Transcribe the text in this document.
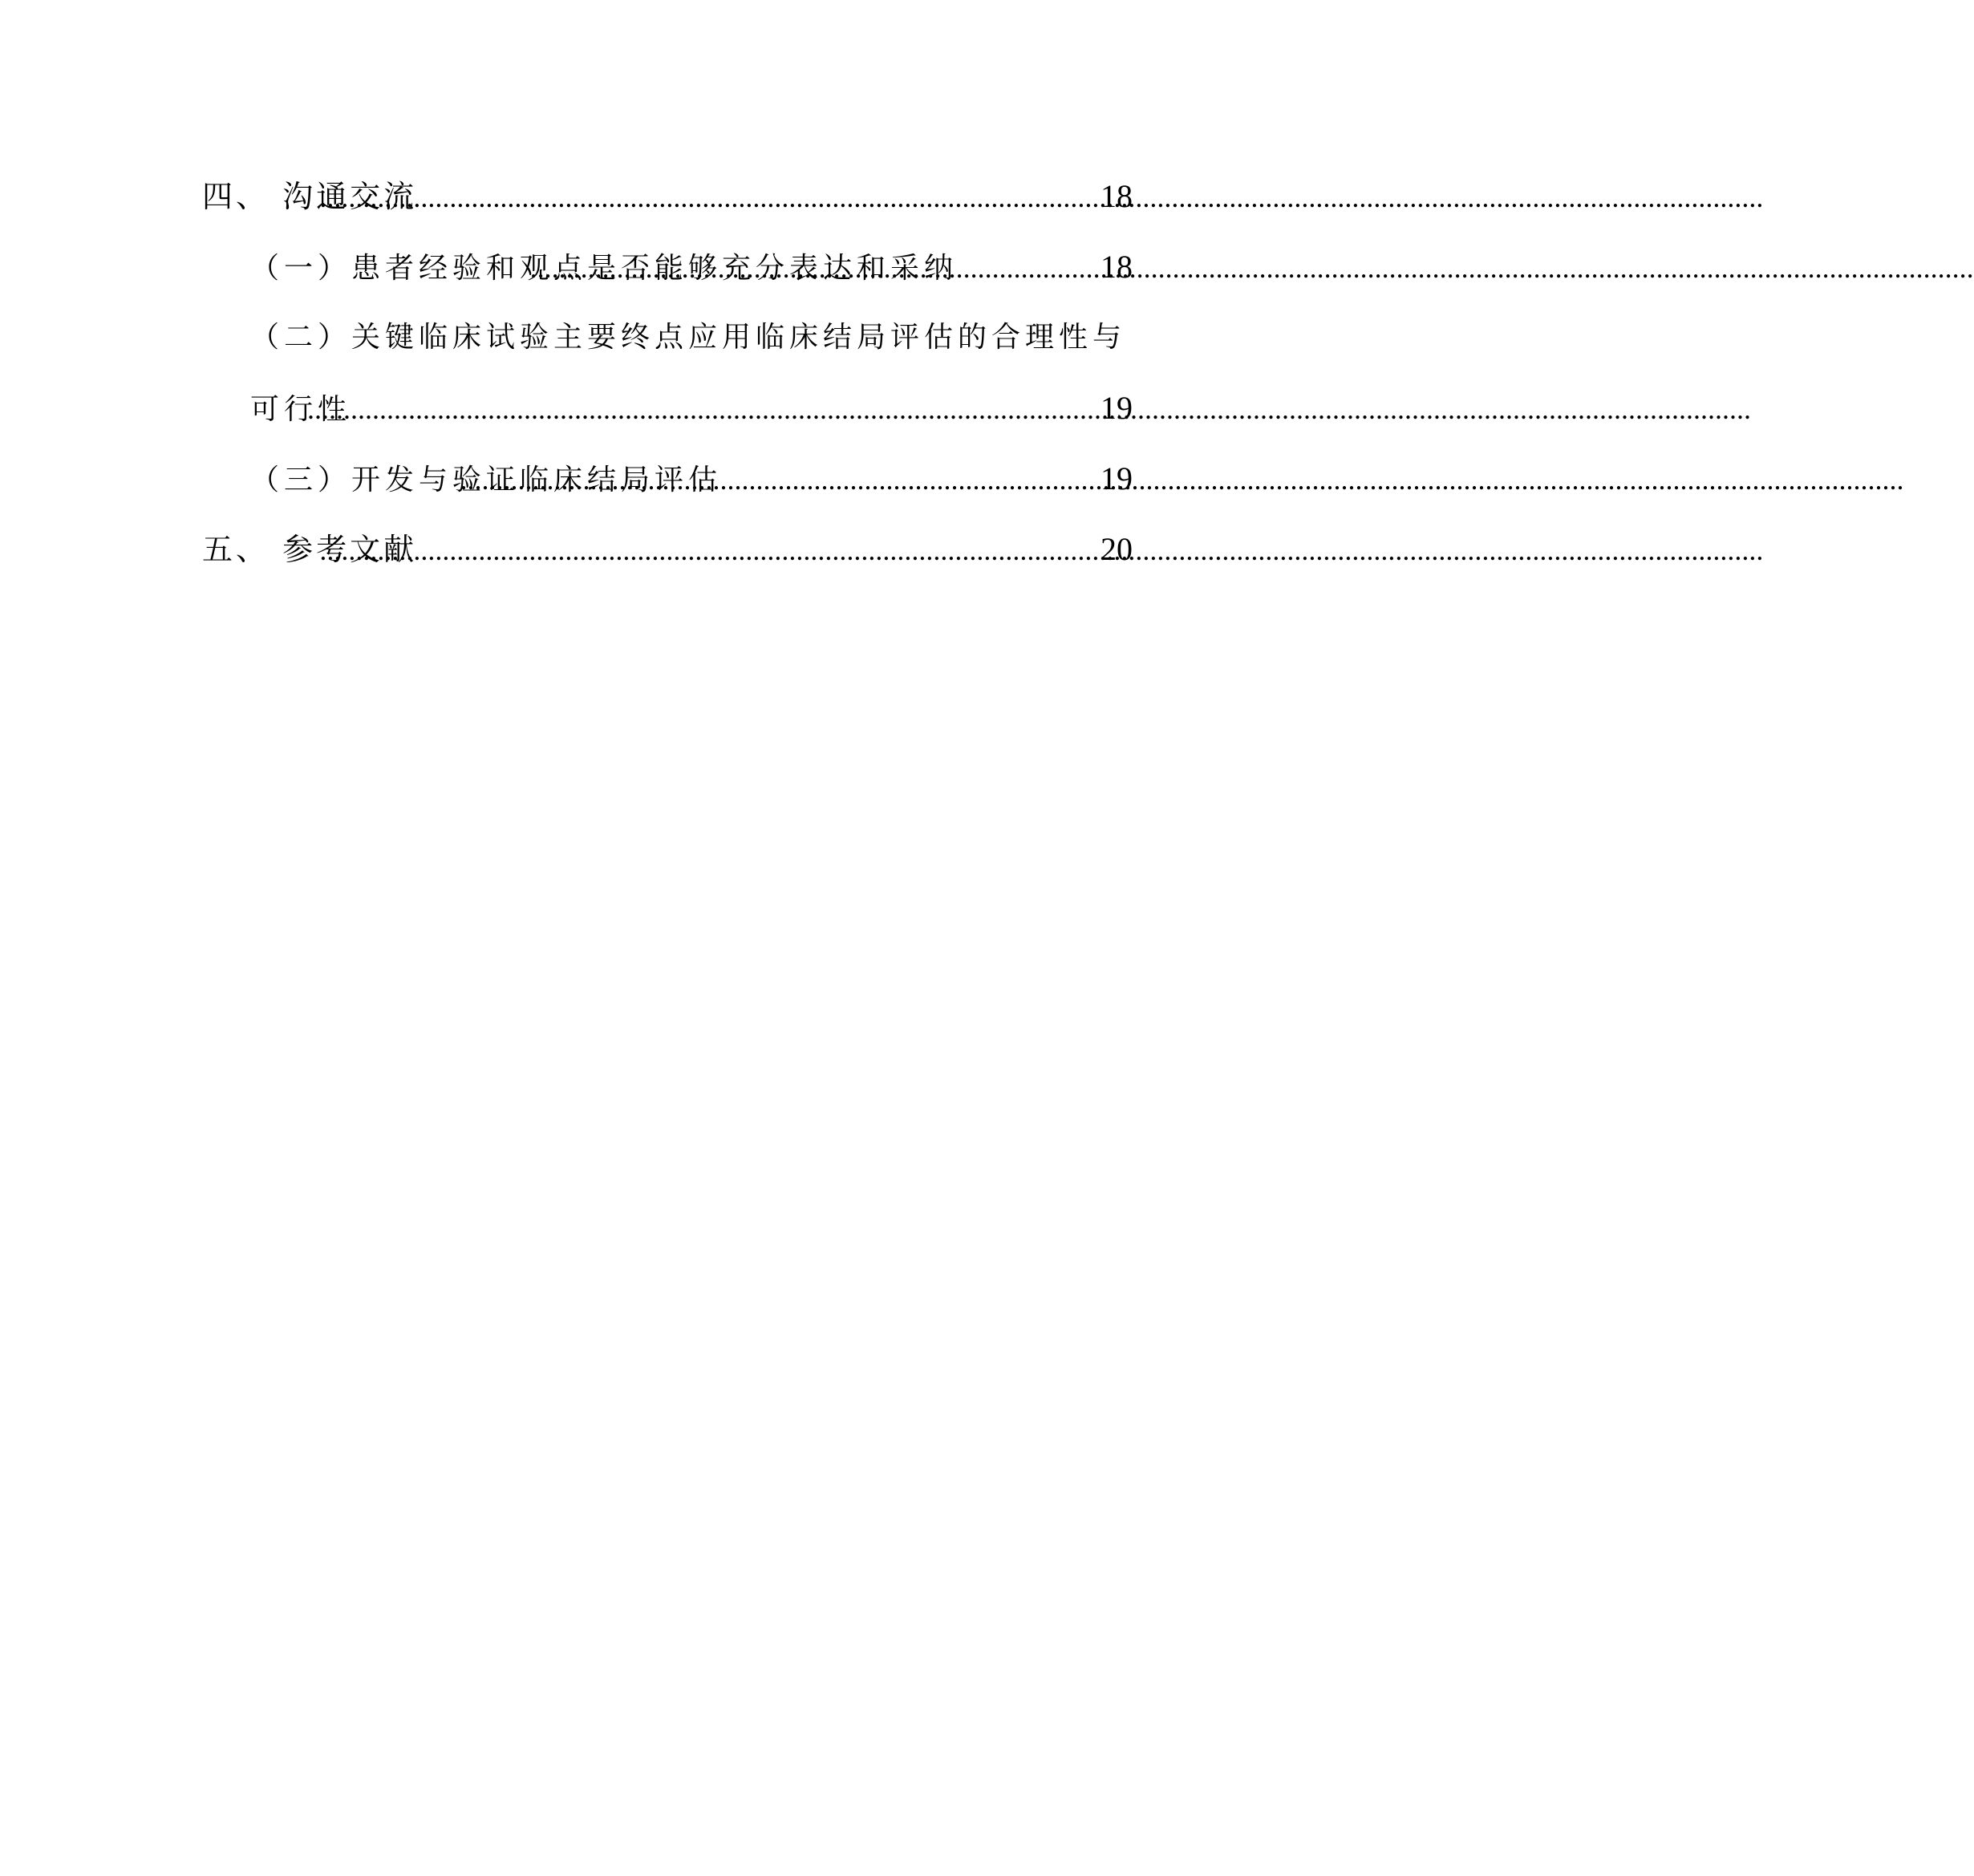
四、 沟通交流 .....	18
（一）患者经验和观点是否能够充分表达和采纳 .....	18
（二）关键临床试验主要终点应用临床结局评估的合理性与
可行性 .....	19
（三）开发与验证临床结局评估 .....	19
五、 参考文献 .....	20
